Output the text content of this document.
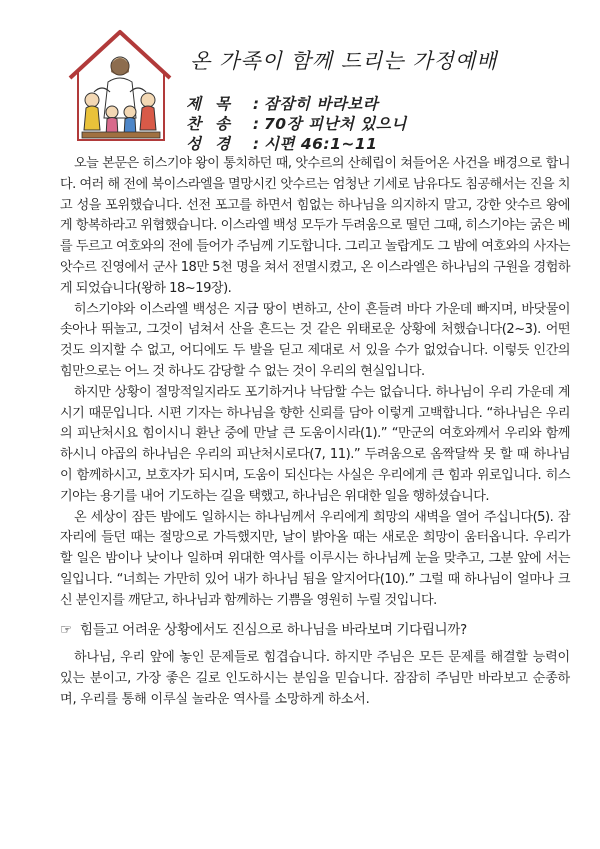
온 가족이 함께 드리는 가정예배
제목 : 잠잠히 바라보라
찬송 : 70장 피난처 있으니
성경 : 시편 46:1~11

오늘 본문은 히스기야 왕이 통치하던 때, 앗수르의 산헤립이 쳐들어온 사건을 배경으로 합니다. 여러 해 전에 북이스라엘을 멸망시킨 앗수르는 엄청난 기세로 남유다도 침공해서는 진을 치고 성을 포위했습니다. 선전 포고를 하면서 힘없는 하나님을 의지하지 말고, 강한 앗수르 왕에게 항복하라고 위협했습니다. 이스라엘 백성 모두가 두려움으로 떨던 그때, 히스기야는 굵은 베를 두르고 여호와의 전에 들어가 주님께 기도합니다. 그리고 놀랍게도 그 밤에 여호와의 사자는 앗수르 진영에서 군사 18만 5천 명을 쳐서 전멸시켰고, 온 이스라엘은 하나님의 구원을 경험하게 되었습니다(왕하 18~19장).

히스기야와 이스라엘 백성은 지금 땅이 변하고, 산이 흔들려 바다 가운데 빠지며, 바닷물이 솟아나 뛰놀고, 그것이 넘쳐서 산을 흔드는 것 같은 위태로운 상황에 처했습니다(2~3). 어떤 것도 의지할 수 없고, 어디에도 두 발을 딛고 제대로 서 있을 수가 없었습니다. 이렇듯 인간의 힘만으로는 어느 것 하나도 감당할 수 없는 것이 우리의 현실입니다.

하지만 상황이 절망적일지라도 포기하거나 낙담할 수는 없습니다. 하나님이 우리 가운데 계시기 때문입니다. 시편 기자는 하나님을 향한 신뢰를 담아 이렇게 고백합니다. “하나님은 우리의 피난처시요 힘이시니 환난 중에 만날 큰 도움이시라(1).” “만군의 여호와께서 우리와 함께 하시니 야곱의 하나님은 우리의 피난처시로다(7, 11).” 두려움으로 옴짝달싹 못 할 때 하나님이 함께하시고, 보호자가 되시며, 도움이 되신다는 사실은 우리에게 큰 힘과 위로입니다. 히스기야는 용기를 내어 기도하는 길을 택했고, 하나님은 위대한 일을 행하셨습니다.

온 세상이 잠든 밤에도 일하시는 하나님께서 우리에게 희망의 새벽을 열어 주십니다(5). 잠자리에 들던 때는 절망으로 가득했지만, 날이 밝아올 때는 새로운 희망이 움터옵니다. 우리가 할 일은 밤이나 낮이나 일하며 위대한 역사를 이루시는 하나님께 눈을 맞추고, 그분 앞에 서는 일입니다. “너희는 가만히 있어 내가 하나님 됨을 알지어다(10).” 그럴 때 하나님이 얼마나 크신 분인지를 깨닫고, 하나님과 함께하는 기쁨을 영원히 누릴 것입니다.

☞ 힘들고 어려운 상황에서도 진심으로 하나님을 바라보며 기다립니까?

하나님, 우리 앞에 놓인 문제들로 힘겹습니다. 하지만 주님은 모든 문제를 해결할 능력이 있는 분이고, 가장 좋은 길로 인도하시는 분임을 믿습니다. 잠잠히 주님만 바라보고 순종하며, 우리를 통해 이루실 놀라운 역사를 소망하게 하소서.
